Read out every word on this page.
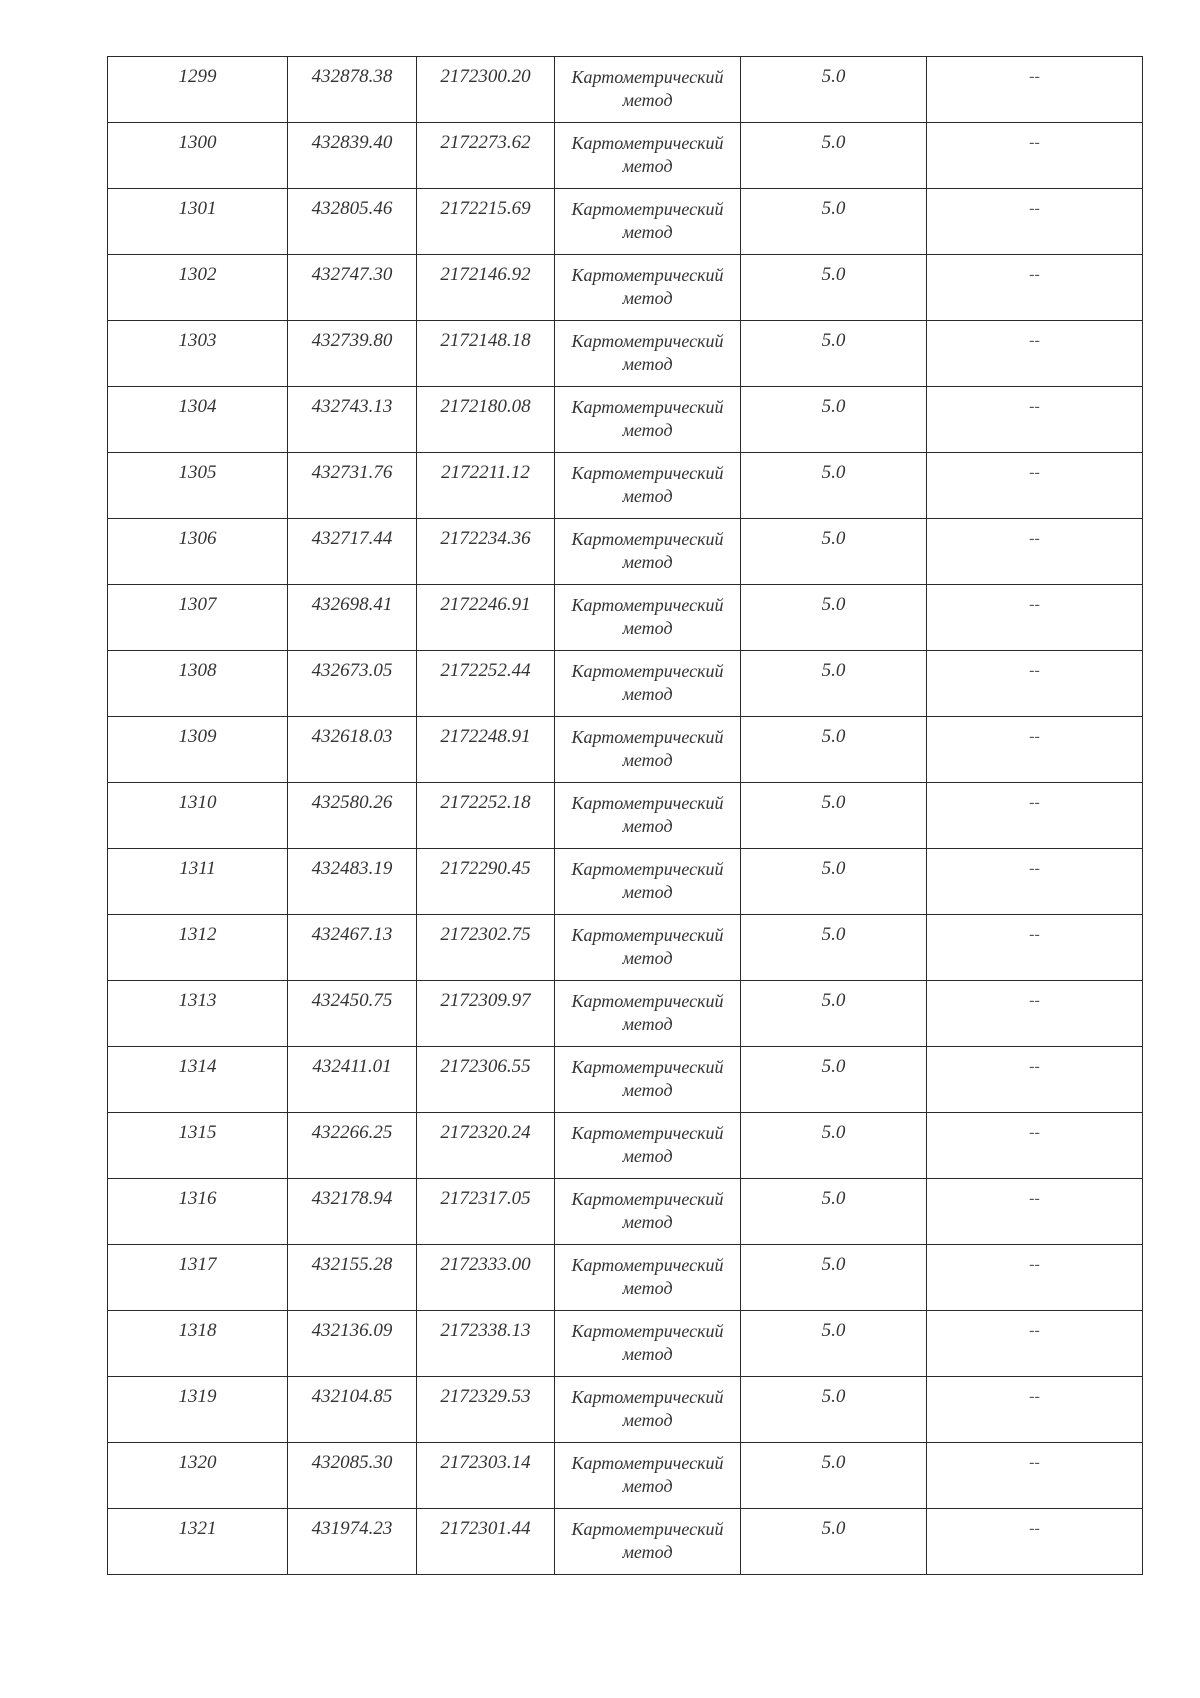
1299	432878.38	2172300.20	Картометрический
метод	5.0	--

1300	432839.40	2172273.62	Картометрический
метод	5.0	--

1301	432805.46	2172215.69	Картометрический
метод	5.0	--

1302	432747.30	2172146.92	Картометрический
метод	5.0	--

1303	432739.80	2172148.18	Картометрический
метод	5.0	--

1304	432743.13	2172180.08	Картометрический
метод	5.0	--

1305	432731.76	2172211.12	Картометрический
метод	5.0	--

1306	432717.44	2172234.36	Картометрический
метод	5.0	--

1307	432698.41	2172246.91	Картометрический
метод	5.0	--

1308	432673.05	2172252.44	Картометрический
метод	5.0	--

1309	432618.03	2172248.91	Картометрический
метод	5.0	--

1310	432580.26	2172252.18	Картометрический
метод	5.0	--

1311	432483.19	2172290.45	Картометрический
метод	5.0	--

1312	432467.13	2172302.75	Картометрический
метод	5.0	--

1313	432450.75	2172309.97	Картометрический
метод	5.0	--

1314	432411.01	2172306.55	Картометрический
метод	5.0	--

1315	432266.25	2172320.24	Картометрический
метод	5.0	--

1316	432178.94	2172317.05	Картометрический
метод	5.0	--

1317	432155.28	2172333.00	Картометрический
метод	5.0	--

1318	432136.09	2172338.13	Картометрический
метод	5.0	--

1319	432104.85	2172329.53	Картометрический
метод	5.0	--

1320	432085.30	2172303.14	Картометрический
метод	5.0	--

1321	431974.23	2172301.44	Картометрический
метод	5.0	--
